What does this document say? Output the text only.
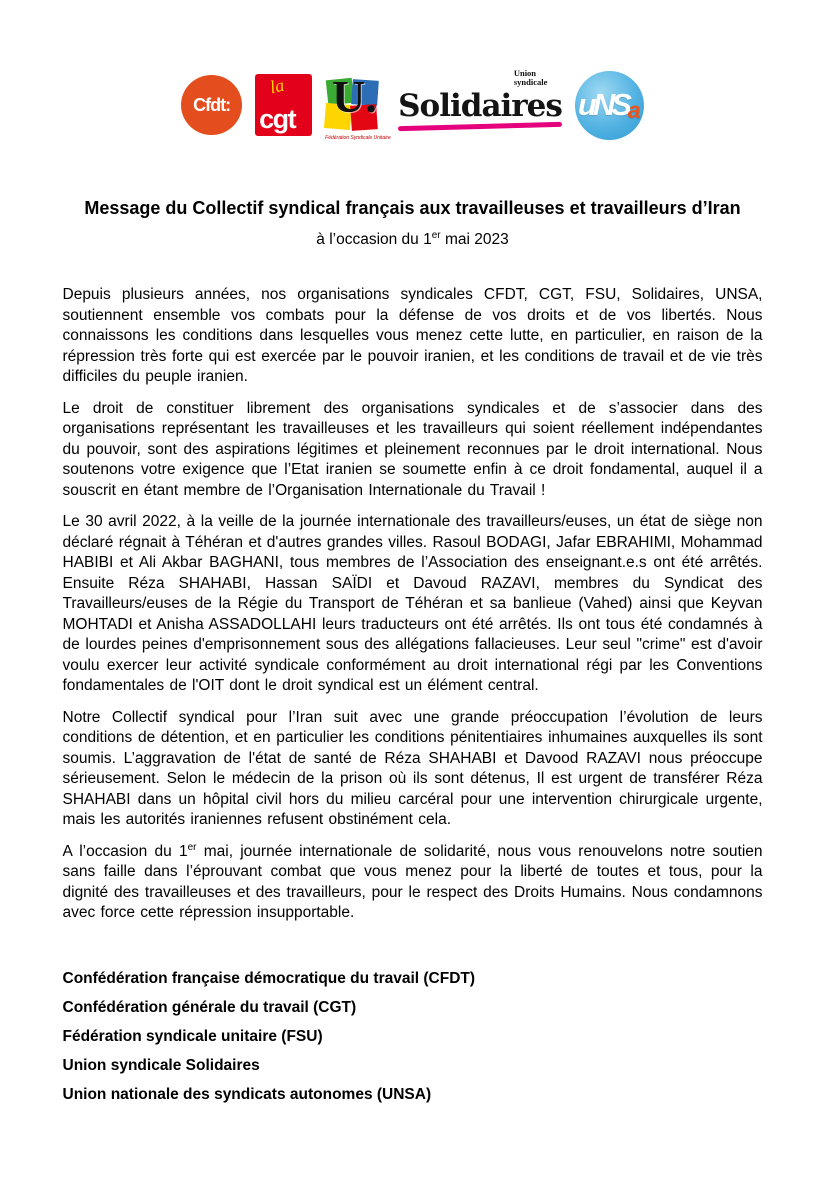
Cfdt:
la
cgt U.
Fédération Syndicale Unitaire
Union syndicale
Solidaires uNSa
Message du Collectif syndical français aux travailleuses et travailleurs d’Iran
à l’occasion du 1er mai 2023

Depuis plusieurs années, nos organisations syndicales CFDT, CGT, FSU, Solidaires, UNSA, soutiennent ensemble vos combats pour la défense de vos droits et de vos libertés. Nous connaissons les conditions dans lesquelles vous menez cette lutte, en particulier, en raison de la répression très forte qui est exercée par le pouvoir iranien, et les conditions de travail et de vie très difficiles du peuple iranien.

Le droit de constituer librement des organisations syndicales et de s’associer dans des organisations représentant les travailleuses et les travailleurs qui soient réellement indépendantes du pouvoir, sont des aspirations légitimes et pleinement reconnues par le droit international. Nous soutenons votre exigence que l’Etat iranien se soumette enfin à ce droit fondamental, auquel il a souscrit en étant membre de l’Organisation Internationale du Travail !

Le 30 avril 2022, à la veille de la journée internationale des travailleurs/euses, un état de siège non déclaré régnait à Téhéran et d'autres grandes villes. Rasoul BODAGI, Jafar EBRAHIMI, Mohammad HABIBI et Ali Akbar BAGHANI, tous membres de l’Association des enseignant.e.s ont été arrêtés. Ensuite Réza SHAHABI, Hassan SAÏDI et Davoud RAZAVI, membres du Syndicat des Travailleurs/euses de la Régie du Transport de Téhéran et sa banlieue (Vahed) ainsi que Keyvan MOHTADI et Anisha ASSADOLLAHI leurs traducteurs ont été arrêtés. Ils ont tous été condamnés à de lourdes peines d'emprisonnement sous des allégations fallacieuses. Leur seul "crime" est d'avoir voulu exercer leur activité syndicale conformément au droit international régi par les Conventions fondamentales de l'OIT dont le droit syndical est un élément central.

Notre Collectif syndical pour l’Iran suit avec une grande préoccupation l’évolution de leurs conditions de détention, et en particulier les conditions pénitentiaires inhumaines auxquelles ils sont soumis. L’aggravation de l'état de santé de Réza SHAHABI et Davood RAZAVI nous préoccupe sérieusement. Selon le médecin de la prison où ils sont détenus, Il est urgent de transférer Réza SHAHABI dans un hôpital civil hors du milieu carcéral pour une intervention chirurgicale urgente, mais les autorités iraniennes refusent obstinément cela.

A l’occasion du 1er mai, journée internationale de solidarité, nous vous renouvelons notre soutien sans faille dans l’éprouvant combat que vous menez pour la liberté de toutes et tous, pour la dignité des travailleuses et des travailleurs, pour le respect des Droits Humains. Nous condamnons avec force cette répression insupportable.

Confédération française démocratique du travail (CFDT)
Confédération générale du travail (CGT)
Fédération syndicale unitaire (FSU)
Union syndicale Solidaires
Union nationale des syndicats autonomes (UNSA)
